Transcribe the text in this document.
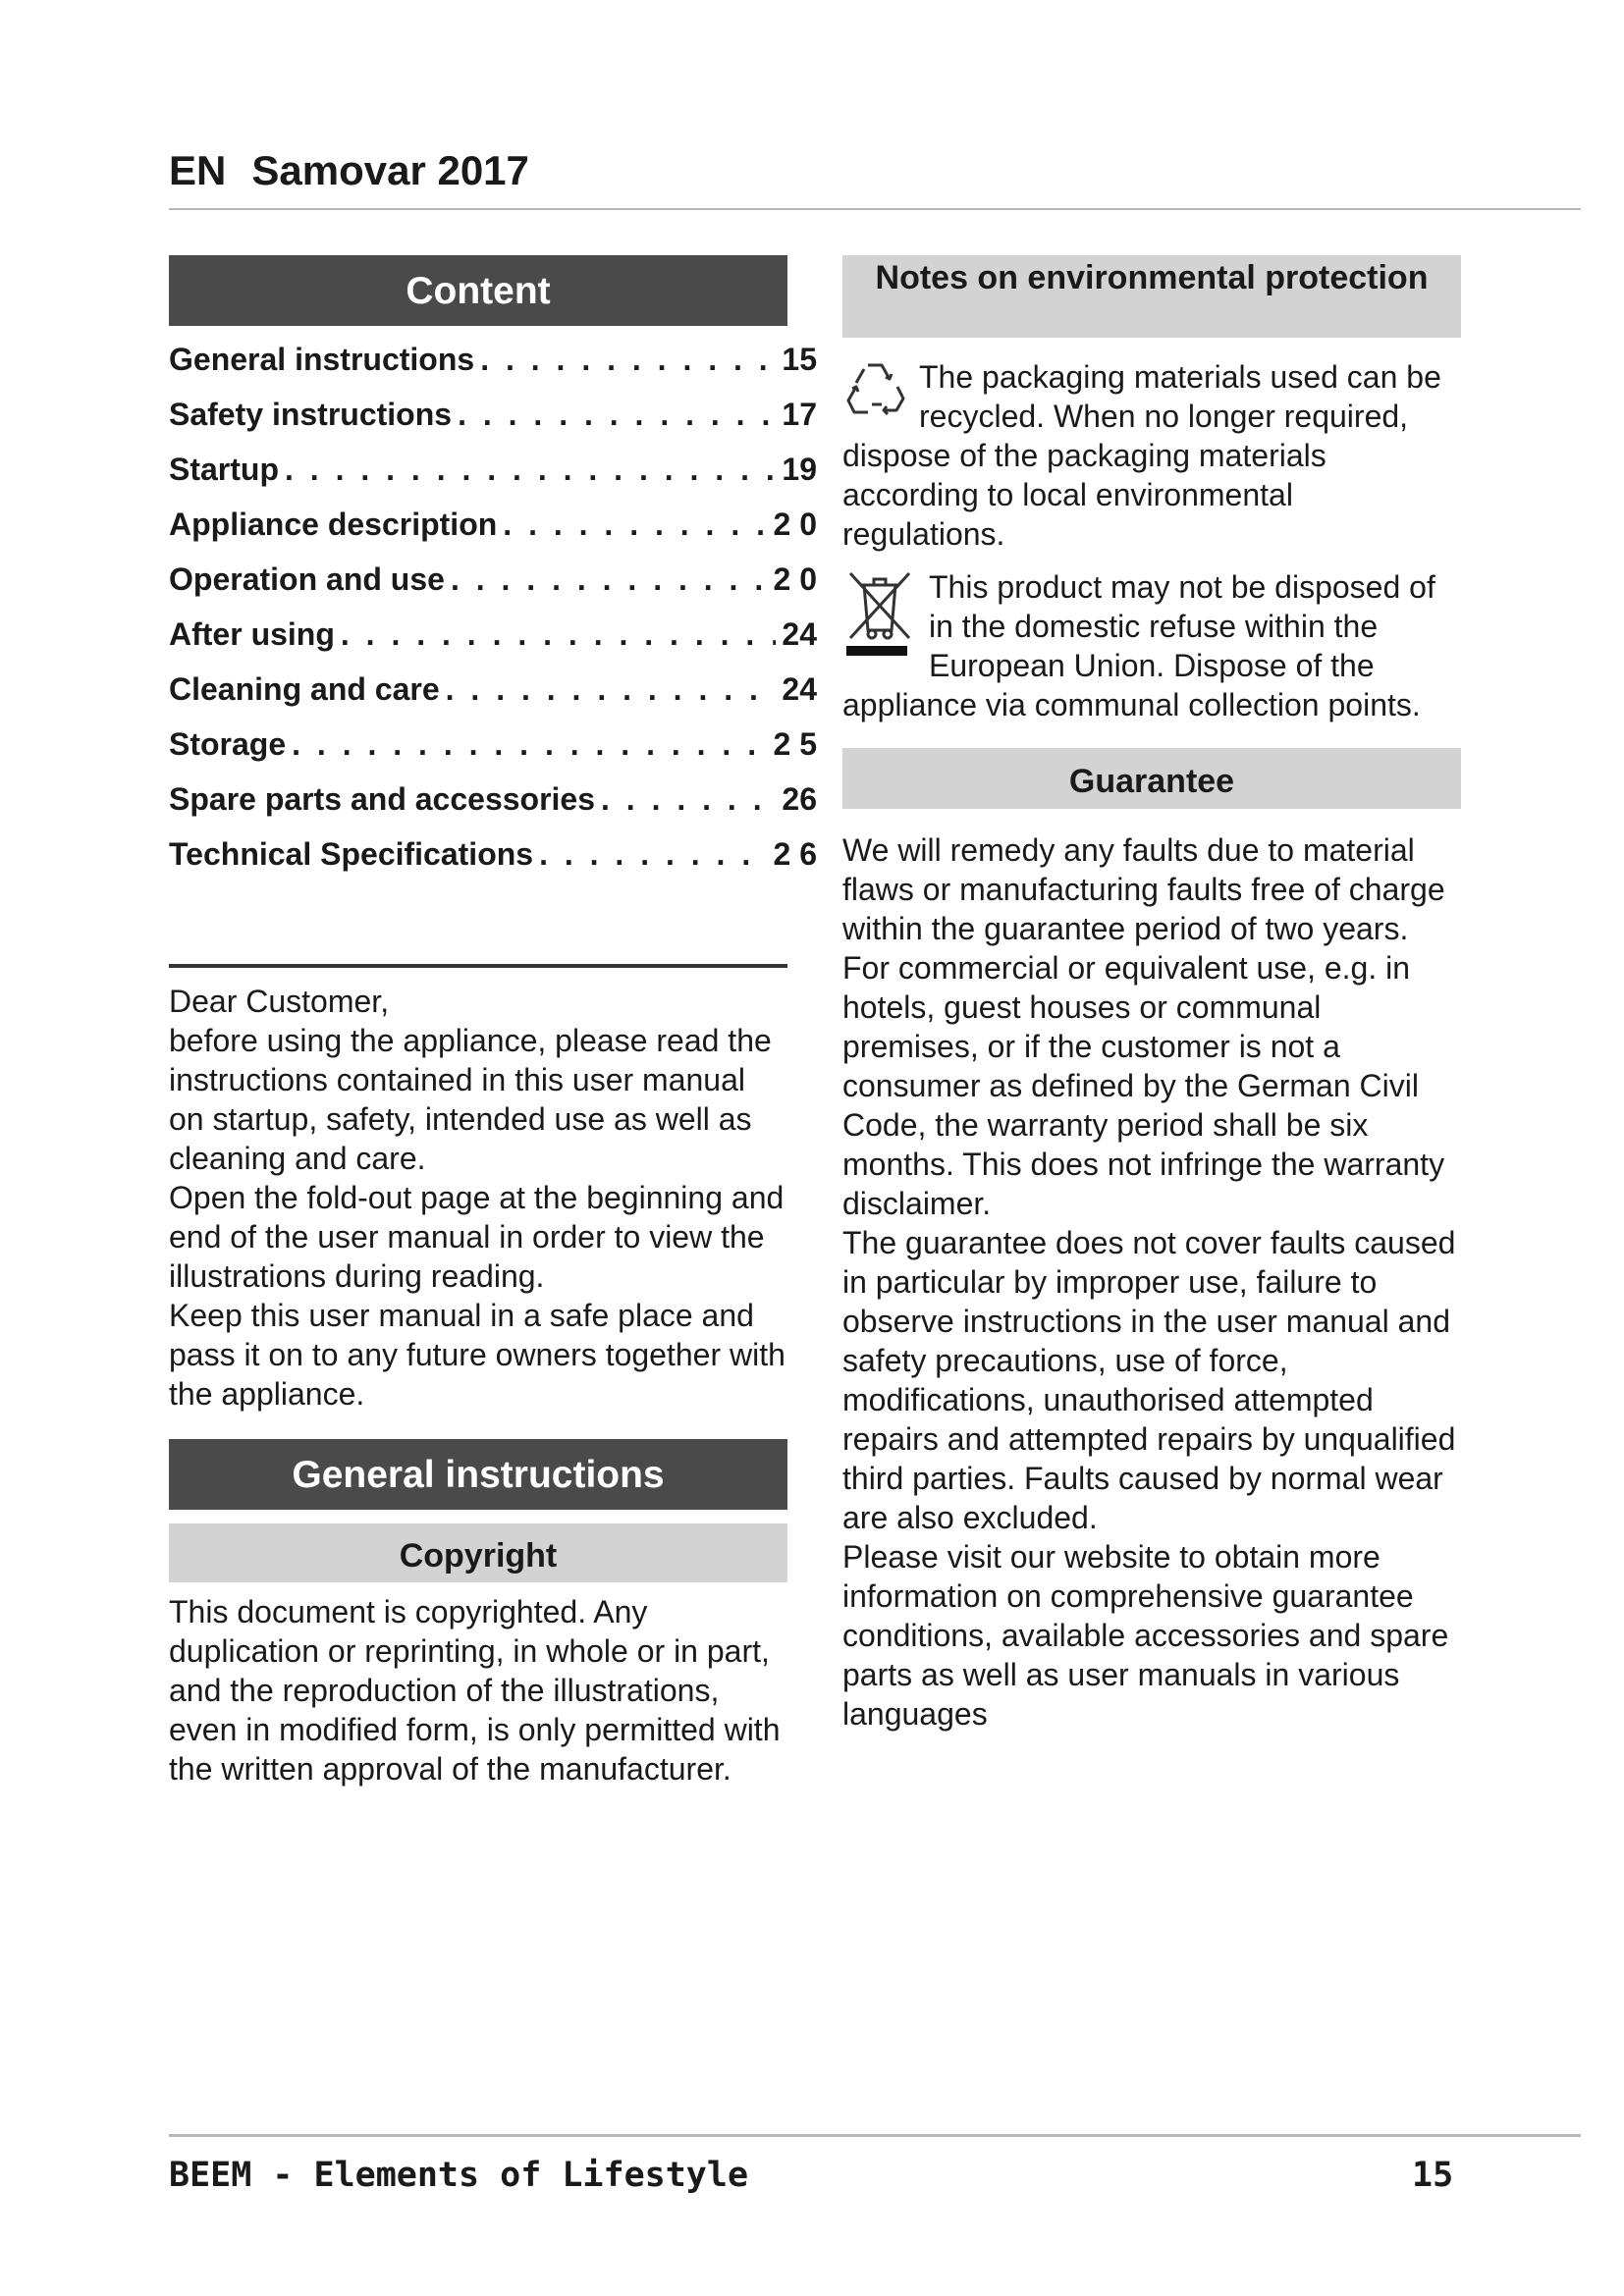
EN Samovar 2017
Content
General instructions . . .	15
Safety instructions . . .	17
Startup . . .	19
Appliance description . . .	2 0
Operation and use . . .	2 0
After using . . .	24
Cleaning and care . . .	24
Storage . . .	2 5
Spare parts and accessories . . .	26
Technical Specifications . . .	2 6

Dear Customer,
before using the appliance, please read the instructions contained in this user manual on startup, safety, intended use as well as cleaning and care.

Open the fold-out page at the beginning and end of the user manual in order to view the illustrations during reading.

Keep this user manual in a safe place and pass it on to any future owners together with the appliance.

General instructions
Copyright

This document is copyrighted. Any duplication or reprinting, in whole or in part, and the reproduction of the illustrations, even in modified form, is only permitted with the written approval of the manufacturer.

Notes on environmental protection

The packaging materials used can be recycled. When no longer required, dispose of the packaging materials according to local environmental regulations.

This product may not be disposed of in the domestic refuse within the European Union. Dispose of the appliance via communal collection points.

Guarantee

We will remedy any faults due to material flaws or manufacturing faults free of charge within the guarantee period of two years.

For commercial or equivalent use, e.g. in hotels, guest houses or communal premises, or if the customer is not a consumer as defined by the German Civil Code, the warranty period shall be six months. This does not infringe the warranty disclaimer.

The guarantee does not cover faults caused in particular by improper use, failure to observe instructions in the user manual and safety precautions, use of force, modifications, unauthorised attempted repairs and attempted repairs by unqualified third parties. Faults caused by normal wear are also excluded.

Please visit our website to obtain more information on comprehensive guarantee conditions, available accessories and spare parts as well as user manuals in various languages

BEEM - Elements of Lifestyle	15
